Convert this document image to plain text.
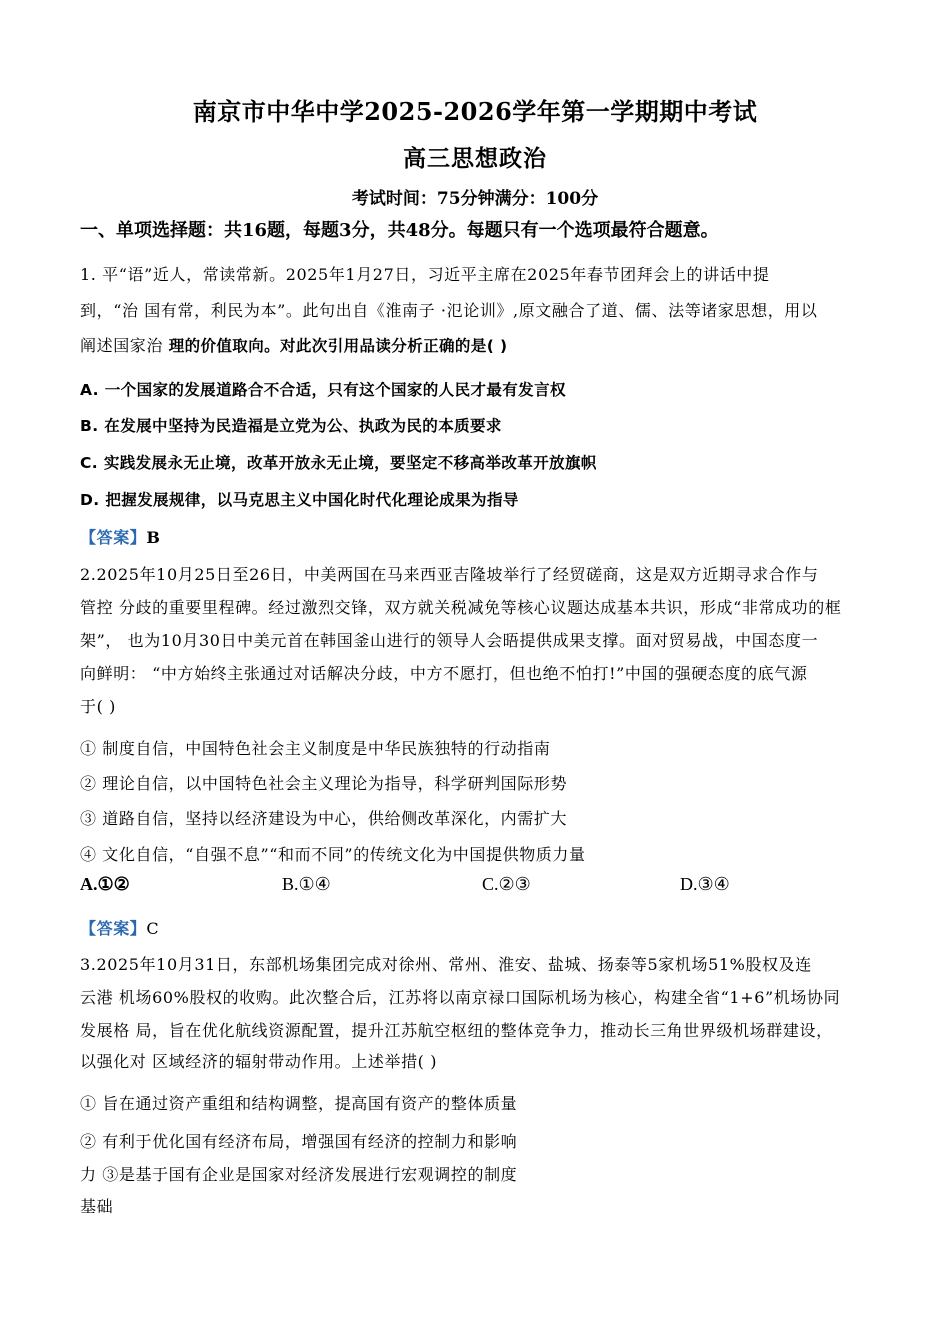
南京市中华中学2025-2026学年第一学期期中考试
高三思想政治
考试时间：75分钟满分：100分
一、单项选择题：共16题，每题3分，共48分。每题只有一个选项最符合题意。
1. 平“语”近人，常读常新。2025年1月27日，习近平主席在2025年春节团拜会上的讲话中提
到，“治 国有常，利民为本”。此句出自《淮南子 ·氾论训》,原文融合了道、儒、法等诸家思想，用以
阐述国家治 理的价值取向。对此次引用品读分析正确的是( )
A. 一个国家的发展道路合不合适，只有这个国家的人民才最有发言权
B. 在发展中坚持为民造福是立党为公、执政为民的本质要求
C. 实践发展永无止境，改革开放永无止境，要坚定不移高举改革开放旗帜
D. 把握发展规律，以马克思主义中国化时代化理论成果为指导
【答案】B
2.2025年10月25日至26日，中美两国在马来西亚吉隆坡举行了经贸磋商，这是双方近期寻求合作与
管控 分歧的重要里程碑。经过激烈交锋，双方就关税减免等核心议题达成基本共识，形成“非常成功的框
架”， 也为10月30日中美元首在韩国釜山进行的领导人会晤提供成果支撑。面对贸易战，中国态度一
向鲜明： “中方始终主张通过对话解决分歧，中方不愿打，但也绝不怕打!”中国的强硬态度的底气源
于( )
① 制度自信，中国特色社会主义制度是中华民族独特的行动指南
② 理论自信，以中国特色社会主义理论为指导，科学研判国际形势
③ 道路自信，坚持以经济建设为中心，供给侧改革深化，内需扩大
④ 文化自信，“自强不息”“和而不同”的传统文化为中国提供物质力量
A.①②	B.①④	C.②③	D.③④
【答案】C
3.2025年10月31日，东部机场集团完成对徐州、常州、淮安、盐城、扬泰等5家机场51%股权及连
云港 机场60%股权的收购。此次整合后，江苏将以南京禄口国际机场为核心，构建全省“1+6”机场协同
发展格 局，旨在优化航线资源配置，提升江苏航空枢纽的整体竞争力，推动长三角世界级机场群建设，
以强化对 区域经济的辐射带动作用。上述举措( )
① 旨在通过资产重组和结构调整，提高国有资产的整体质量
② 有利于优化国有经济布局，增强国有经济的控制力和影响
力 ③是基于国有企业是国家对经济发展进行宏观调控的制度
基础
